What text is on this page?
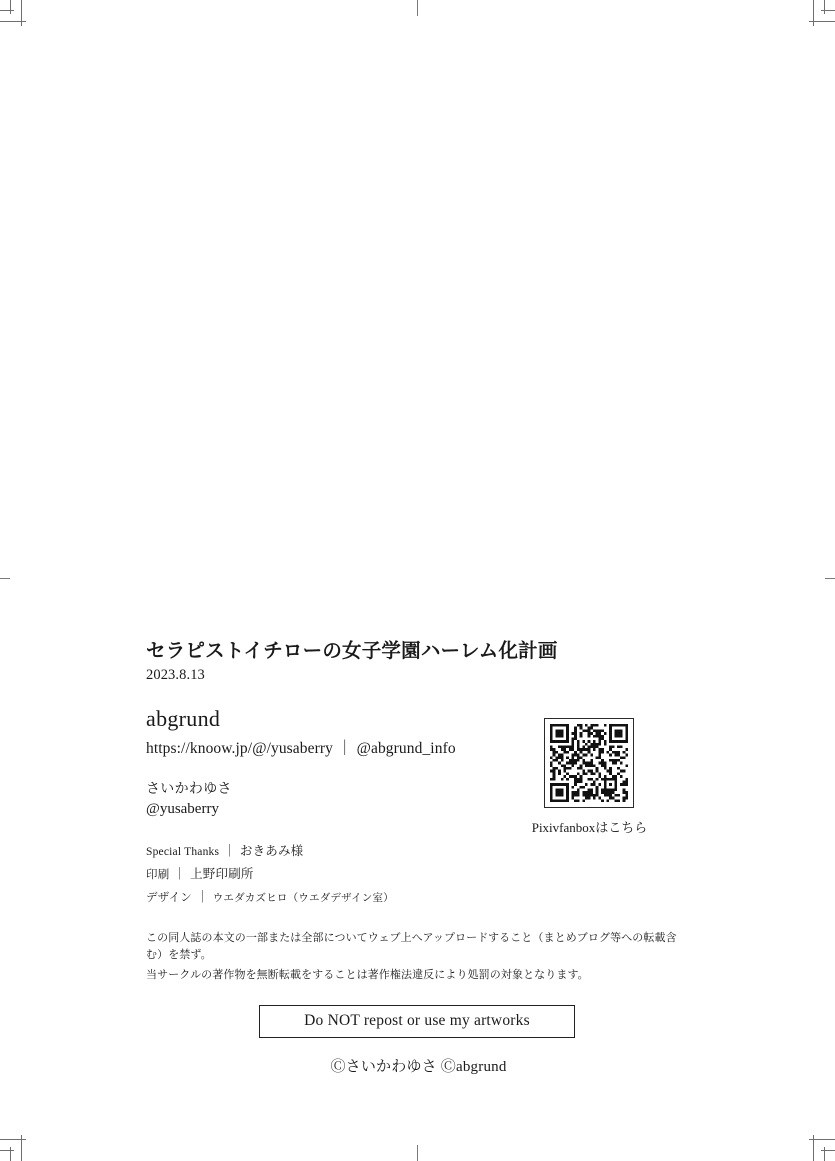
セラピストイチローの女子学園ハーレム化計画

2023.8.13

abgrund

https://knoow.jp/@/yusaberry ｜ @abgrund_info

さいかわゆさ

@yusaberry

Special Thanks ｜ おきあみ様

印刷 ｜ 上野印刷所

デザイン ｜ ウエダカズヒロ（ウエダデザイン室）

この同人誌の本文の一部または全部についてウェブ上へアップロードすること（まとめブログ等への転載含む）を禁ず。

当サークルの著作物を無断転載をすることは著作権法違反により処罰の対象となります。

Do NOT repost or use my artworks
Ⓒさいかわゆさ Ⓒabgrund
Pixivfanboxはこちら
